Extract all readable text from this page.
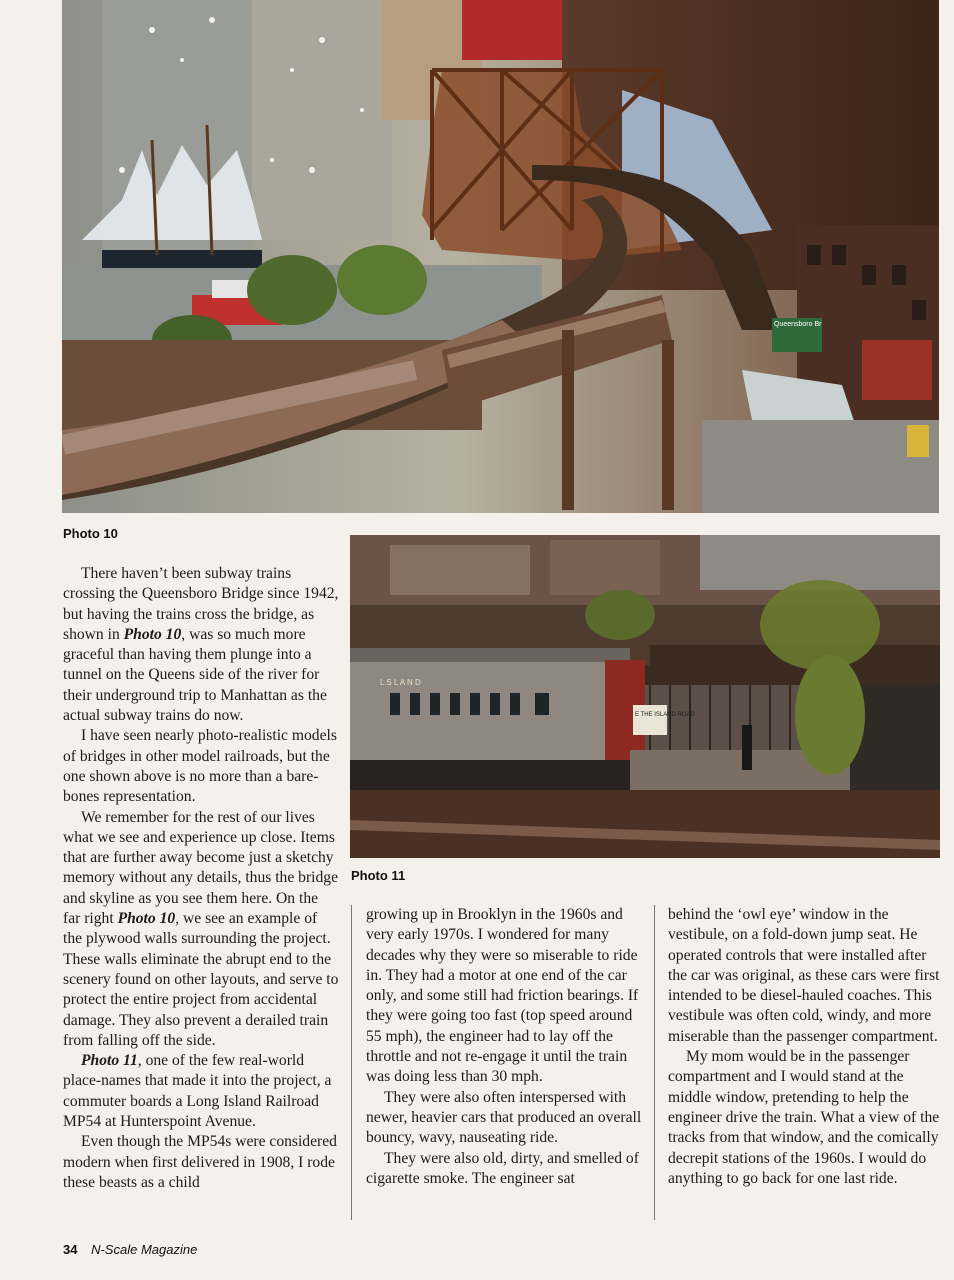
Queensboro Br
Photo 10
L S L A N D
E THE ISLAND ROAD
Photo 11

There haven’t been subway trains crossing the Queensboro Bridge since 1942, but having the trains cross the bridge, as shown in Photo 10, was so much more graceful than having them plunge into a tunnel on the Queens side of the river for their underground trip to Manhattan as the actual subway trains do now.

I have seen nearly photo-realistic models of bridges in other model railroads, but the one shown above is no more than a bare-bones representation.

We remember for the rest of our lives what we see and experience up close. Items that are further away become just a sketchy memory without any details, thus the bridge and skyline as you see them here. On the far right Photo 10, we see an example of the plywood walls surrounding the project. These walls eliminate the abrupt end to the scenery found on other layouts, and serve to protect the entire project from accidental damage. They also prevent a derailed train from falling off the side.

Photo 11, one of the few real-world place-names that made it into the project, a commuter boards a Long Island Railroad MP54 at Hunterspoint Avenue.

Even though the MP54s were considered modern when first delivered in 1908, I rode these beasts as a child

growing up in Brooklyn in the 1960s and very early 1970s. I wondered for many decades why they were so miserable to ride in. They had a motor at one end of the car only, and some still had friction bearings. If they were going too fast (top speed around 55 mph), the engineer had to lay off the throttle and not re-engage it until the train was doing less than 30 mph.

They were also often interspersed with newer, heavier cars that produced an overall bouncy, wavy, nauseating ride.

They were also old, dirty, and smelled of cigarette smoke. The engineer sat

behind the ‘owl eye’ window in the vestibule, on a fold-down jump seat. He operated controls that were installed after the car was original, as these cars were first intended to be diesel-hauled coaches. This vestibule was often cold, windy, and more miserable than the passenger compartment.

My mom would be in the passenger compartment and I would stand at the middle window, pretending to help the engineer drive the train. What a view of the tracks from that window, and the comically decrepit stations of the 1960s. I would do anything to go back for one last ride.

34 N-Scale Magazine
